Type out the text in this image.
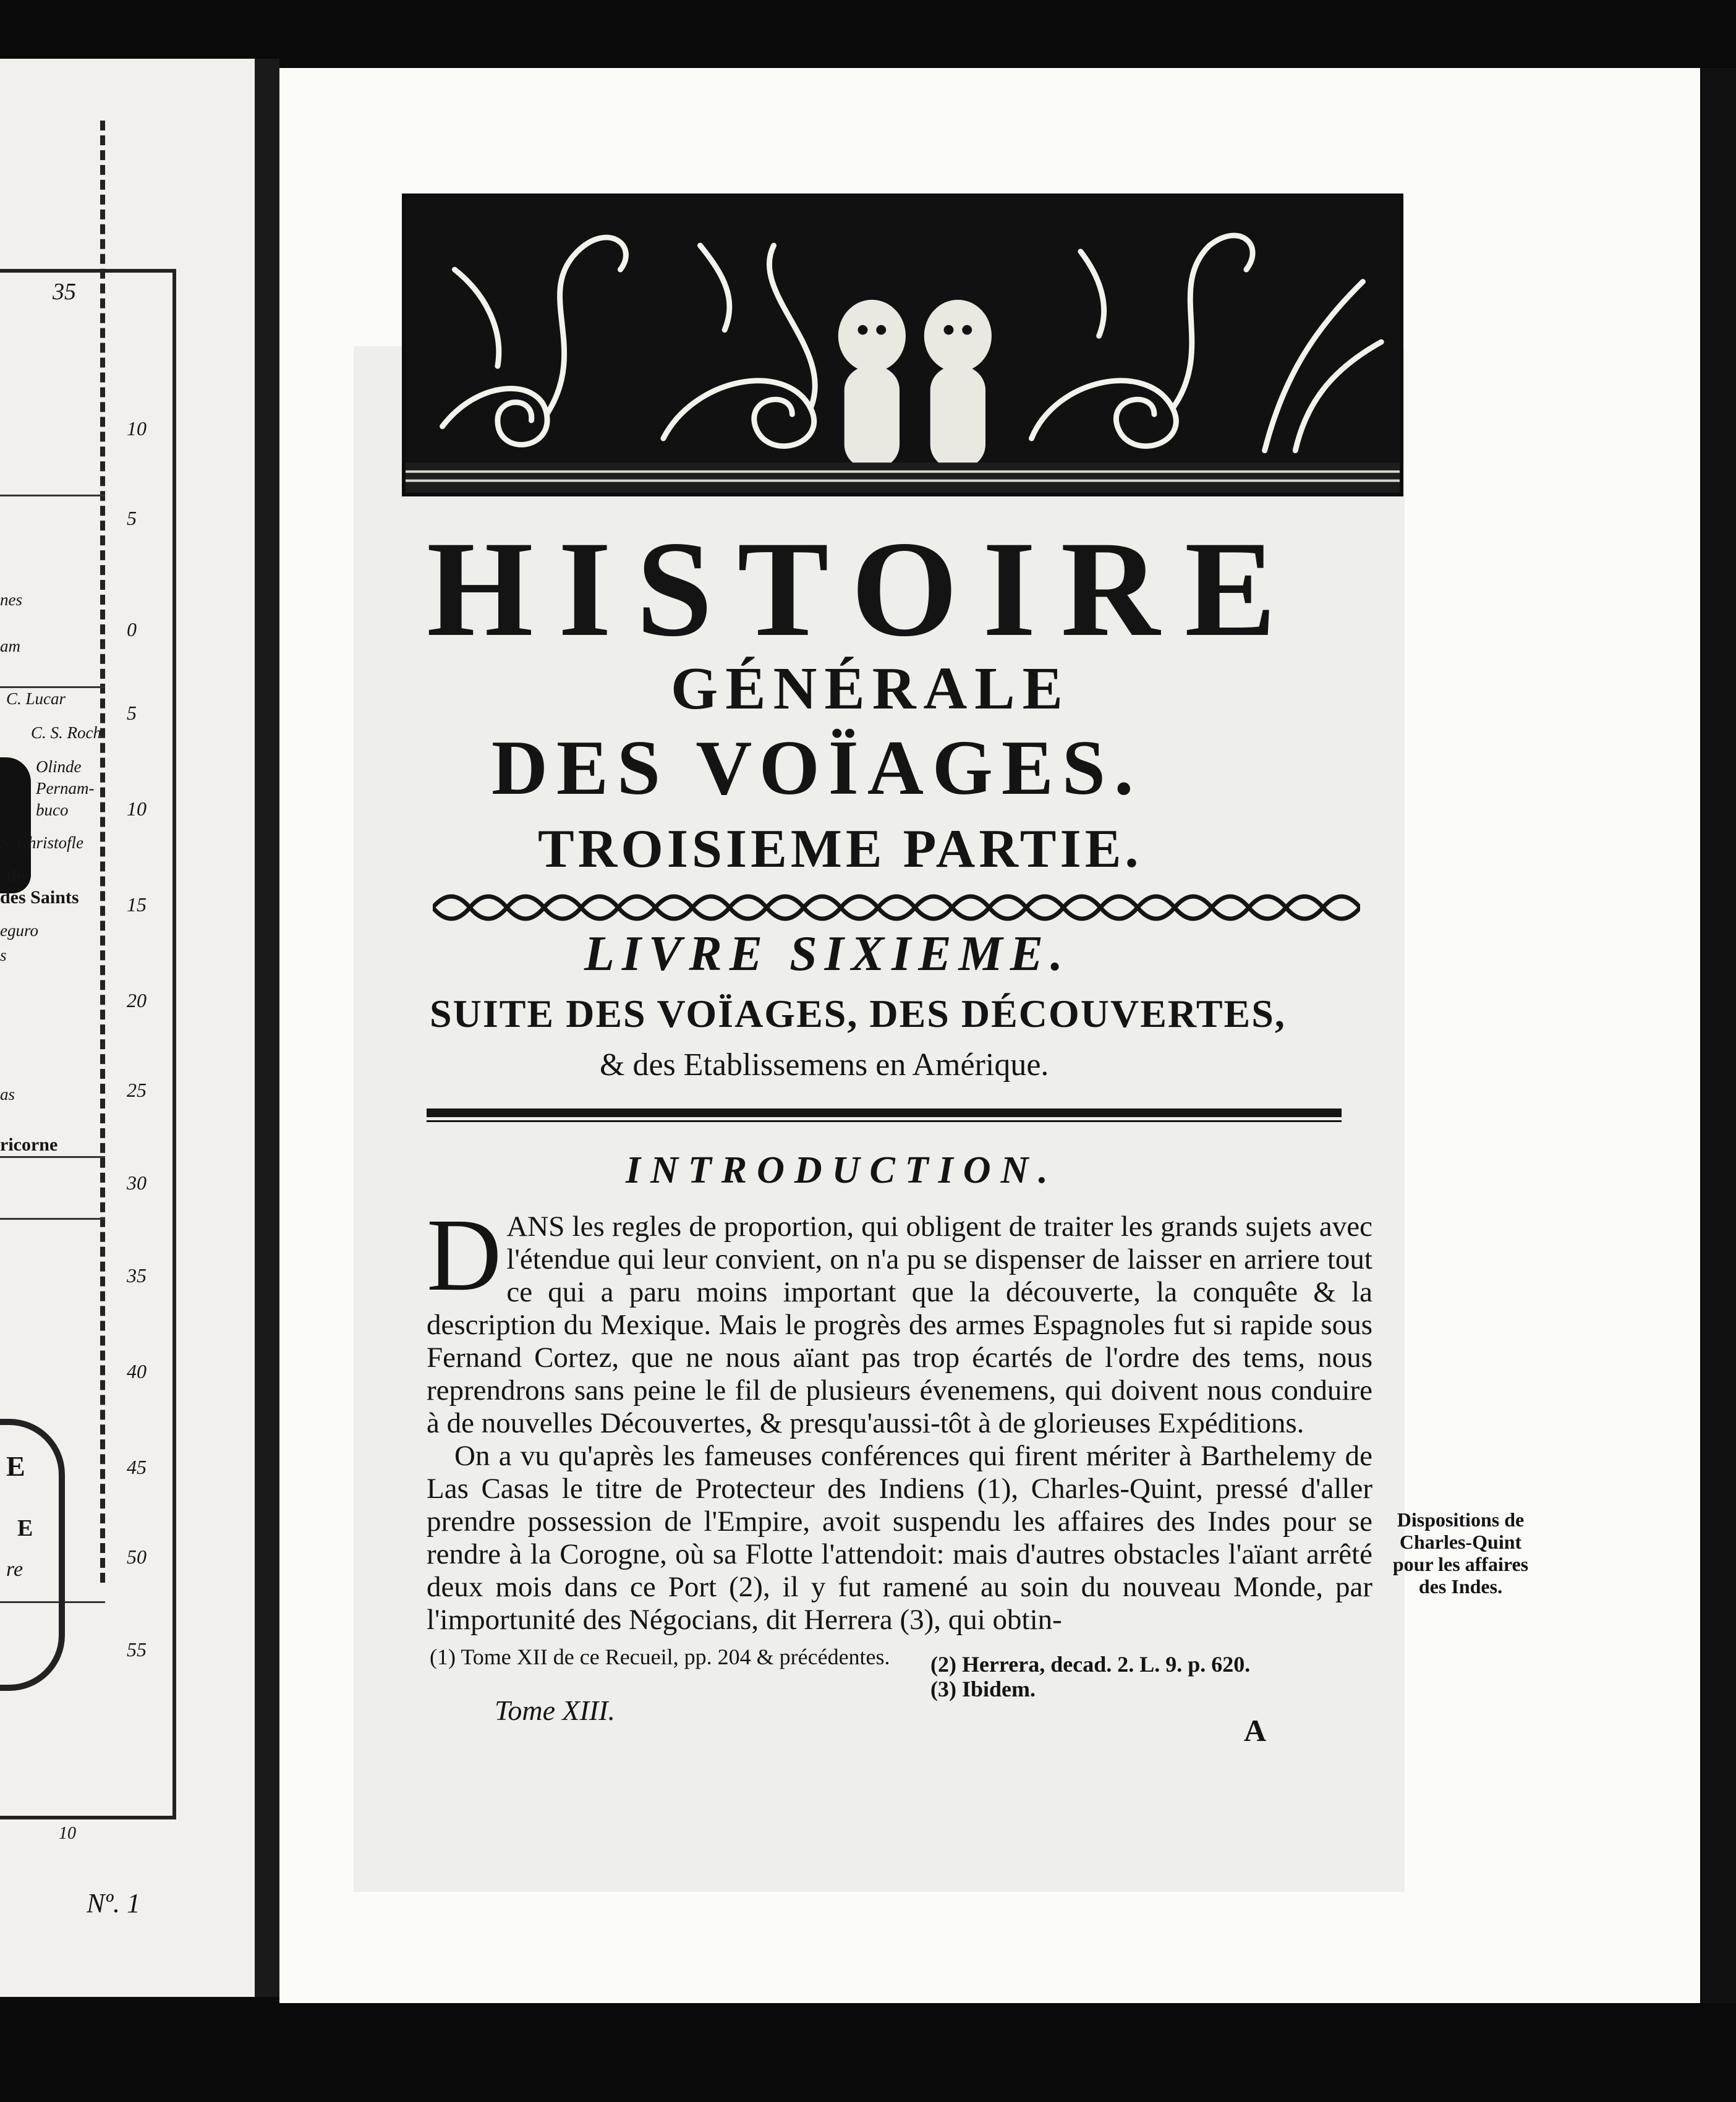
35
10
5
0
5
10
15
20
25
30
35
40
45
50
55
nes
am
C. Lucar
C. S. Roch
Olinde
Pernam-
buco
S. Christofle
de
des Saints
eguro
s
as
ricorne
E
E
re
10
Nº. 1
HISTOIRE
GÉNÉRALE
DES VOÏAGES.
TROISIEME PARTIE.
LIVRE SIXIEME.
SUITE DES VOÏAGES, DES DÉCOUVERTES,
& des Etablissemens en Amérique.
INTRODUCTION.

DANS les regles de proportion, qui obligent de traiter les grands sujets avec l'étendue qui leur convient, on n'a pu se dispenser de laisser en arriere tout ce qui a paru moins important que la découverte, la conquête & la description du Mexique. Mais le progrès des armes Espagnoles fut si rapide sous Fernand Cortez, que ne nous aïant pas trop écartés de l'ordre des tems, nous reprendrons sans peine le fil de plusieurs évenemens, qui doivent nous conduire à de nouvelles Découvertes, & presqu'aussi-tôt à de glorieuses Expéditions.

On a vu qu'après les fameuses conférences qui firent mériter à Barthelemy de Las Casas le titre de Protecteur des Indiens (1), Charles-Quint, pressé d'aller prendre possession de l'Empire, avoit suspendu les affaires des Indes pour se rendre à la Corogne, où sa Flotte l'attendoit: mais d'autres obstacles l'aïant arrêté deux mois dans ce Port (2), il y fut ramené au soin du nouveau Monde, par l'importunité des Négocians, dit Herrera (3), qui obtin-

Dispositions de Charles-Quint pour les affaires des Indes.

(1) Tome XII de ce Recueil, pp. 204 & précédentes.	(2) Herrera, decad. 2. L. 9. p. 620.

(3) Ibidem.

Tome XIII.
A
